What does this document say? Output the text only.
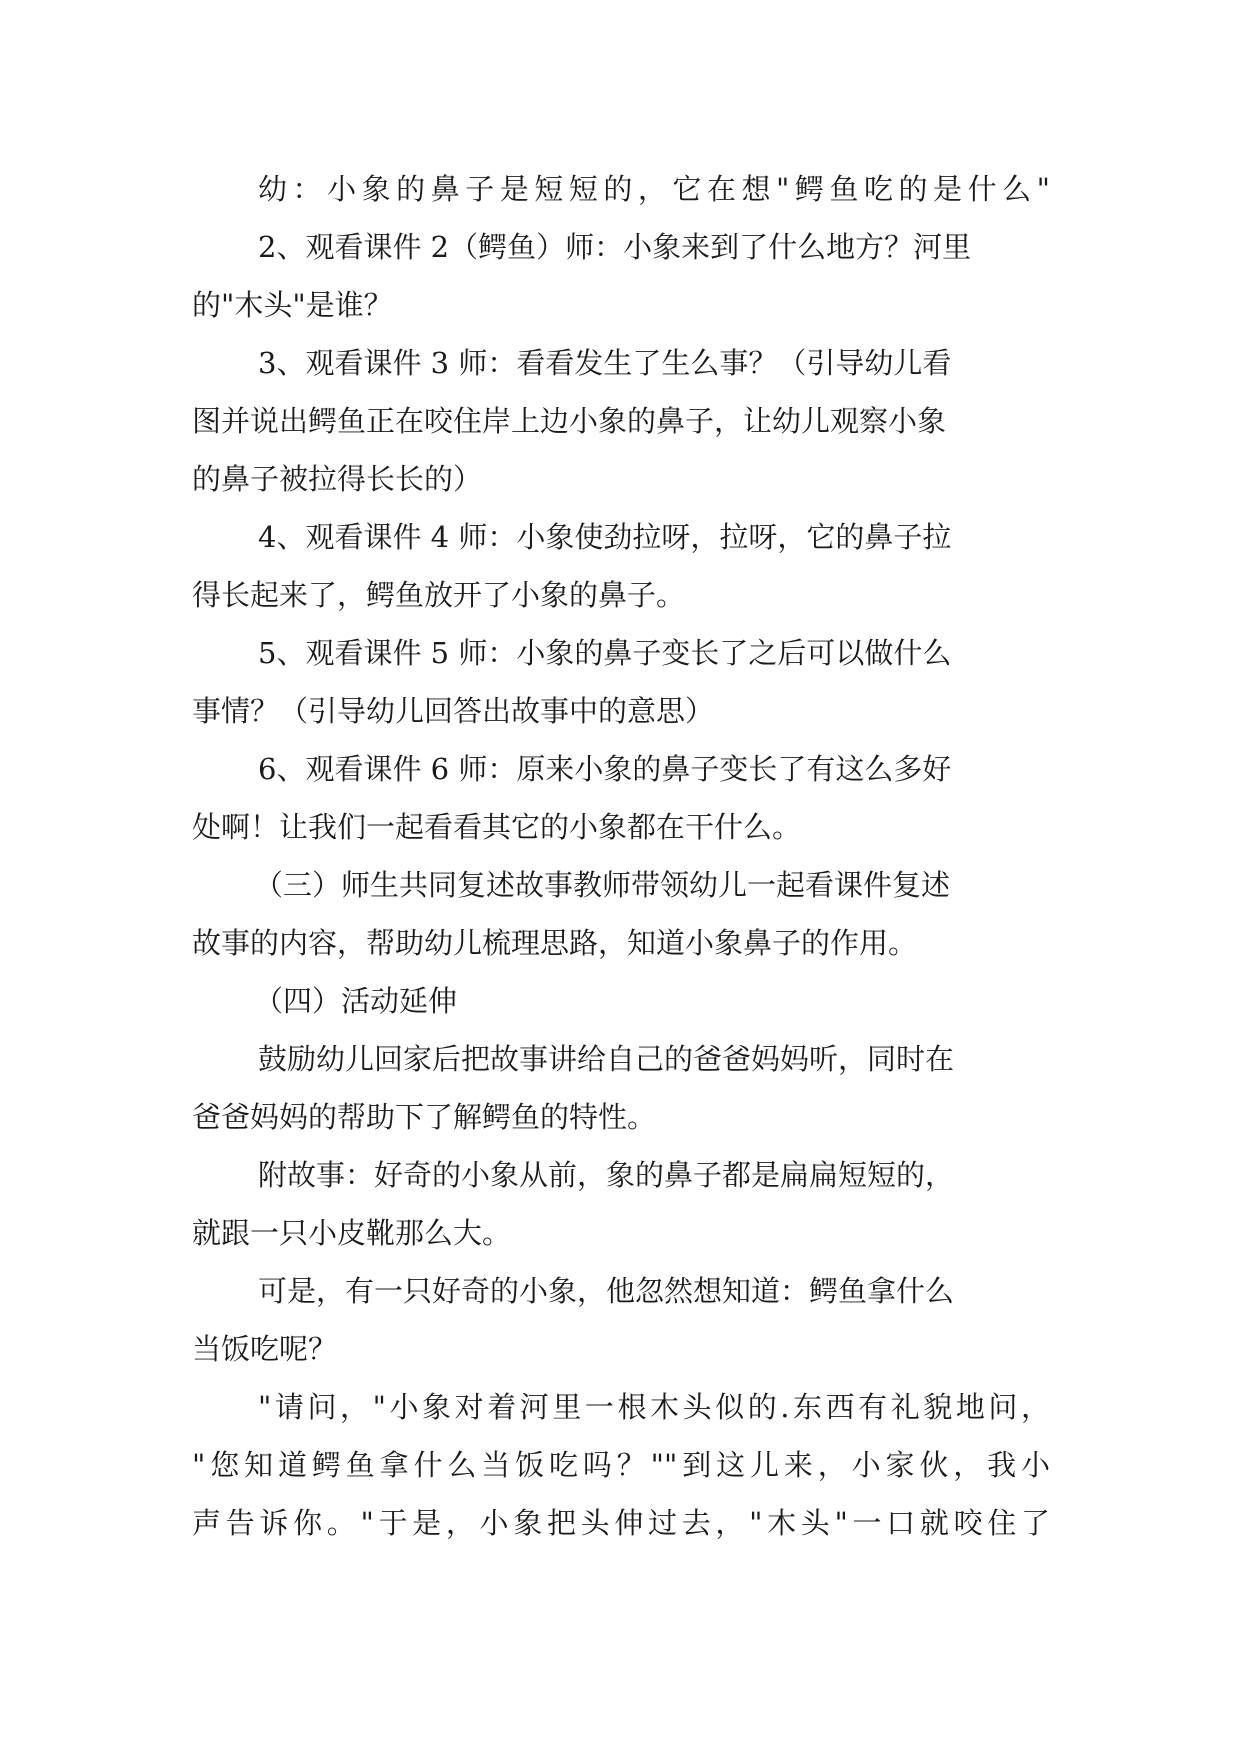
幼：小象的鼻子是短短的，它在想"鳄鱼吃的是什么"

2、观看课件 2（鳄鱼）师：小象来到了什么地方？河里
的"木头"是谁？

3、观看课件 3 师：看看发生了生么事？（引导幼儿看
图并说出鳄鱼正在咬住岸上边小象的鼻子，让幼儿观察小象
的鼻子被拉得长长的）

4、观看课件 4 师：小象使劲拉呀，拉呀，它的鼻子拉
得长起来了，鳄鱼放开了小象的鼻子。

5、观看课件 5 师：小象的鼻子变长了之后可以做什么
事情？（引导幼儿回答出故事中的意思）

6、观看课件 6 师：原来小象的鼻子变长了有这么多好
处啊！让我们一起看看其它的小象都在干什么。

（三）师生共同复述故事教师带领幼儿一起看课件复述
故事的内容，帮助幼儿梳理思路，知道小象鼻子的作用。

（四）活动延伸

鼓励幼儿回家后把故事讲给自己的爸爸妈妈听，同时在
爸爸妈妈的帮助下了解鳄鱼的特性。

附故事：好奇的小象从前，象的鼻子都是扁扁短短的，
就跟一只小皮靴那么大。

可是，有一只好奇的小象，他忽然想知道：鳄鱼拿什么
当饭吃呢？

"请问，"小象对着河里一根木头似的.东西有礼貌地问，
"您知道鳄鱼拿什么当饭吃吗？""到这儿来，小家伙，我小
声告诉你。"于是，小象把头伸过去，"木头"一口就咬住了
